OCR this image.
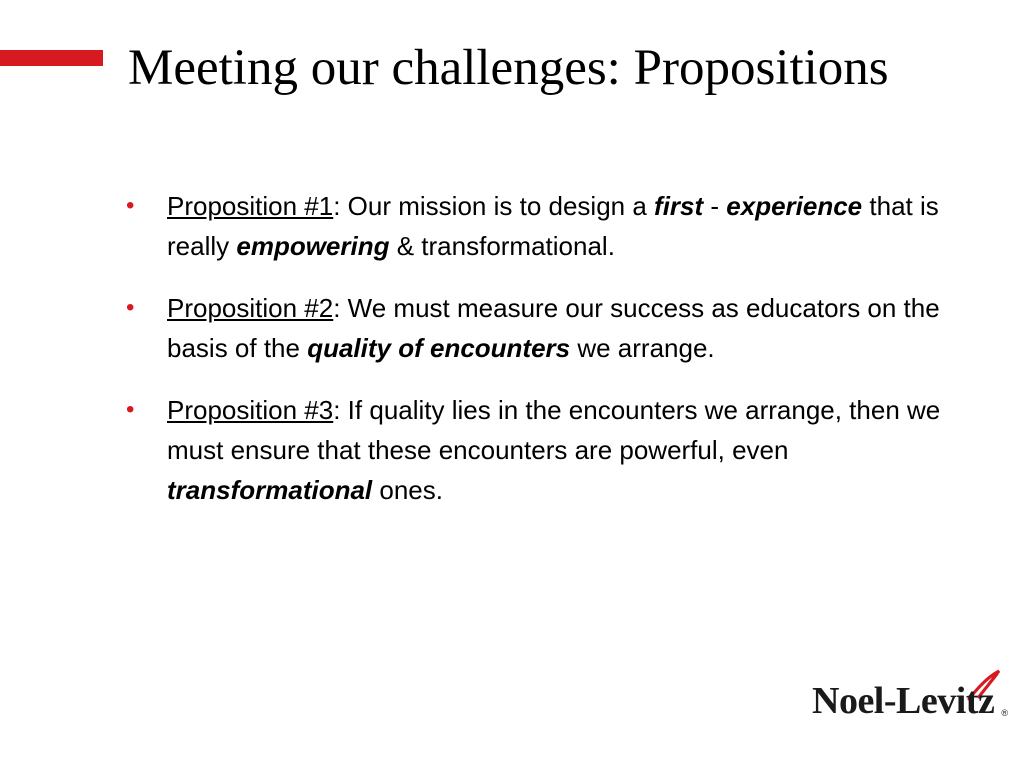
Meeting our challenges: Propositions
• Proposition #1: Our mission is to design a first - experience that is really empowering & transformational.
• Proposition #2: We must measure our success as educators on the basis of the quality of encounters we arrange.
• Proposition #3: If quality lies in the encounters we arrange, then we must ensure that these encounters are powerful, even transformational ones.
Noel-Levitz ®
